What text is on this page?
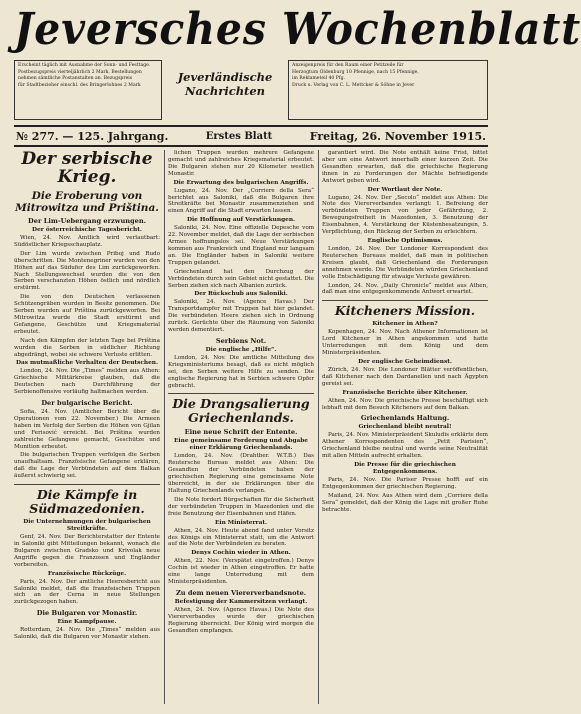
Jeversches Wochenblatt
Erscheint täglich mit Ausnahme der Sonn- und Festtage.
Postbezugspreis vierteljährlich 2 Mark. Bestellungen
nehmen sämtliche Postanstalten an. Bezugspreis
für Stadtbezieher einschl. des Bringerlohnes 2 Mark
Jeverländische
Nachrichten
Anzeigenpreis für den Raum einer Petitzeile für
Herzogtum Oldenburg 10 Pfennige, nach 15 Pfennige,
im Reklameteil 40 Pfg.
Druck u. Verlag von C. L. Mettcker & Söhne in Jever
№ 277. — 125. Jahrgang.	Erstes Blatt	Freitag, 26. November 1915.
Der serbische Krieg.
Die Eroberung von Mitrowitza und Priština.
Der Lim-Uebergang erzwungen.
Der österreichische Tagesbericht.

Wien, 24. Nov. Amtlich wird verlautbart: Südöstlicher Kriegsschauplatz.

Der Lim wurde zwischen Priboj und Rudo überschritten. Die Montenegriner wurden von den Höhen auf das Südufer des Lim zurückgeworfen. Nach Stellungswechsel wurden die von den Serben verschanzten Höhen östlich und nördlich erstürmt.

Die von den Deutschen verlassenen Schützengräben wurden in Besitz genommen. Die Serben wurden auf Priština zurückgeworfen. Bei Mitrowitza wurde die Stadt erstürmt und Gefangene, Geschütze und Kriegsmaterial erbeutet.

Nach den Kämpfen der letzten Tage bei Priština wurden die Serben in südlicher Richtung abgedrängt, wobei sie schwere Verluste erlitten.

Das mutmaßliche Verhalten der Deutschen.

London, 24. Nov. Die „Times“ melden aus Athen: Griechische Militärkreise glauben, daß die Deutschen nach Durchführung der Serbienoffensive vorläufig haltmachen werden.

Der bulgarische Bericht.

Sofia, 24. Nov. (Amtlicher Bericht über die Operationen vom 22. November.) Die Armeen haben im Verfolg der Serben die Höhen von Gjilan und Ferisović erreicht. Bei Priština wurden zahlreiche Gefangene gemacht, Geschütze und Munition erbeutet.

Die bulgarischen Truppen verfolgen die Serben unaufhaltsam. Französische Gefangene erklären, daß die Lage der Verbündeten auf dem Balkan äußerst schwierig sei.

Die Kämpfe in Südmazedonien.
Die Unternehmungen der bulgarischen Streitkräfte.

Genf, 24. Nov. Der Berichterstatter der Entente in Saloniki gibt Mitteilungen bekannt, wonach die Bulgaren zwischen Gradsko und Krivolak neue Angriffe gegen die Franzosen und Engländer vorbereiten.

Französische Rückzüge.

Paris, 24. Nov. Der amtliche Heeresbericht aus Saloniki meldet, daß die französischen Truppen sich an der Cerna in neue Stellungen zurückgezogen haben.

Die Bulgaren vor Monastir.
Eine Kampfpause.

Rotterdam, 24. Nov. Die „Times“ melden aus Saloniki, daß die Bulgaren vor Monastir stehen.

lichen Truppen wurden mehrere Gefangene gemacht und zahlreiches Kriegsmaterial erbeutet. Die Bulgaren stehen nur 20 Kilometer westlich Monastir.

Die Erwartung des bulgarischen Angriffs.

Lugano, 24. Nov. Der „Corriere della Sera“ berichtet aus Saloniki, daß die Bulgaren ihre Streitkräfte bei Monastir zusammenziehen und einen Angriff auf die Stadt erwarten lassen.

Die Hoffnung auf Verstärkungen.

Saloniki, 24. Nov. Eine offizielle Depesche vom 22. November meldet, daß die Lage der serbischen Armee hoffnungslos sei. Neue Verstärkungen kommen aus Frankreich und England nur langsam an. Die Engländer haben in Saloniki weitere Truppen gelandet.

Griechenland hat den Durchzug der Verbündeten durch sein Gebiet nicht gestattet. Die Serben ziehen sich nach Albanien zurück.

Der Rückschub aus Saloniki.

Saloniki, 24. Nov. (Agence Havas.) Der Transportdampfer mit Truppen hat hier gelandet. Die verbündeten Heere ziehen sich in Ordnung zurück. Gerüchte über die Räumung von Saloniki werden dementiert.

Serbiens Not.
Die englische „Hilfe“.

London, 24. Nov. Die amtliche Mitteilung des Kriegsministeriums besagt, daß es nicht möglich sei, den Serben weitere Hilfe zu senden. Die englische Regierung hat in Serbien schwere Opfer gebracht.

Die Drangsalierung Griechenlands.
Eine neue Schrift der Entente.
Eine gemeinsame Forderung und Abgabe einer Erklärung Griechenlands.

London, 24. Nov. (Drahtber. W.T.B.) Das Reutersche Bureau meldet aus Athen: Die Gesandten der Verbündeten haben der griechischen Regierung eine gemeinsame Note überreicht, in der sie Erklärungen über die Haltung Griechenlands verlangen.

Die Note fordert Bürgschaften für die Sicherheit der verbündeten Truppen in Mazedonien und die freie Benutzung der Eisenbahnen und Häfen.

Ein Ministerrat.

Athen, 24. Nov. Heute abend fand unter Vorsitz des Königs ein Ministerrat statt, um die Antwort auf die Note der Verbündeten zu beraten.

Denys Cochin wieder in Athen.

Athen, 22. Nov. (Verspätet eingetroffen.) Denys Cochin ist wieder in Athen eingetroffen. Er hatte eine lange Unterredung mit dem Ministerpräsidenten.

Zu dem neuen Viererverbandsnote.
Befestigung der Kammersitzen verlangt.

Athen, 24. Nov. (Agence Havas.) Die Note des Viererverbandes wurde der griechischen Regierung überreicht. Der König wird morgen die Gesandten empfangen.

garantiert wird. Die Note enthält keine Frist, bittet aber um eine Antwort innerhalb einer kurzen Zeit. Die Gesandten erwarten, daß die griechische Regierung ihnen in zu Forderungen der Mächte befriedigende Antwort geben wird.

Der Wortlaut der Note.

Lugano, 24. Nov. Der „Secolo“ meldet aus Athen: Die Note des Viererverbandes verlangt: 1. Befreiung der verbündeten Truppen von jeder Gefährdung, 2. Bewegungsfreiheit in Mazedonien, 3. Benutzung der Eisenbahnen, 4. Verstärkung der Küstenbesatzungen, 5. Verpflichtung, den Rückzug der Serben zu erleichtern.

Englische Optimismus.

London, 24. Nov. Der Londoner Korrespondent des Reuterschen Bureaus meldet, daß man in politischen Kreisen glaubt, daß Griechenland die Forderungen annehmen werde. Die Verbündeten würden Griechenland volle Entschädigung für etwaige Verluste gewähren.

London, 24. Nov. „Daily Chronicle“ meldet aus Athen, daß man eine entgegenkommende Antwort erwartet.

Kitcheners Mission.
Kitchener in Athen?

Kopenhagen, 24. Nov. Nach Athener Informationen ist Lord Kitchener in Athen angekommen und hatte Unterredungen mit dem König und dem Ministerpräsidenten.

Der englische Geheimdienst.

Zürich, 24. Nov. Die Londoner Blätter veröffentlichen, daß Kitchener nach den Dardanellen und nach Ägypten gereist sei.

Französische Berichte über Kitchener.

Athen, 24. Nov. Die griechische Presse beschäftigt sich lebhaft mit dem Besuch Kitcheners auf dem Balkan.

Griechenlands Haltung.
Griechenland bleibt neutral!

Paris, 24. Nov. Ministerpräsident Skuludis erklärte dem Athener Korrespondenten des „Petit Parisien“, Griechenland bleibe neutral und werde seine Neutralität mit allen Mitteln aufrecht erhalten.

Die Presse für die griechischen Entgegenkommens.

Paris, 24. Nov. Die Pariser Presse hofft auf ein Entgegenkommen der griechischen Regierung.

Mailand, 24. Nov. Aus Athen wird dem „Corriere della Sera“ gemeldet, daß der König die Lage mit großer Ruhe betrachte.
